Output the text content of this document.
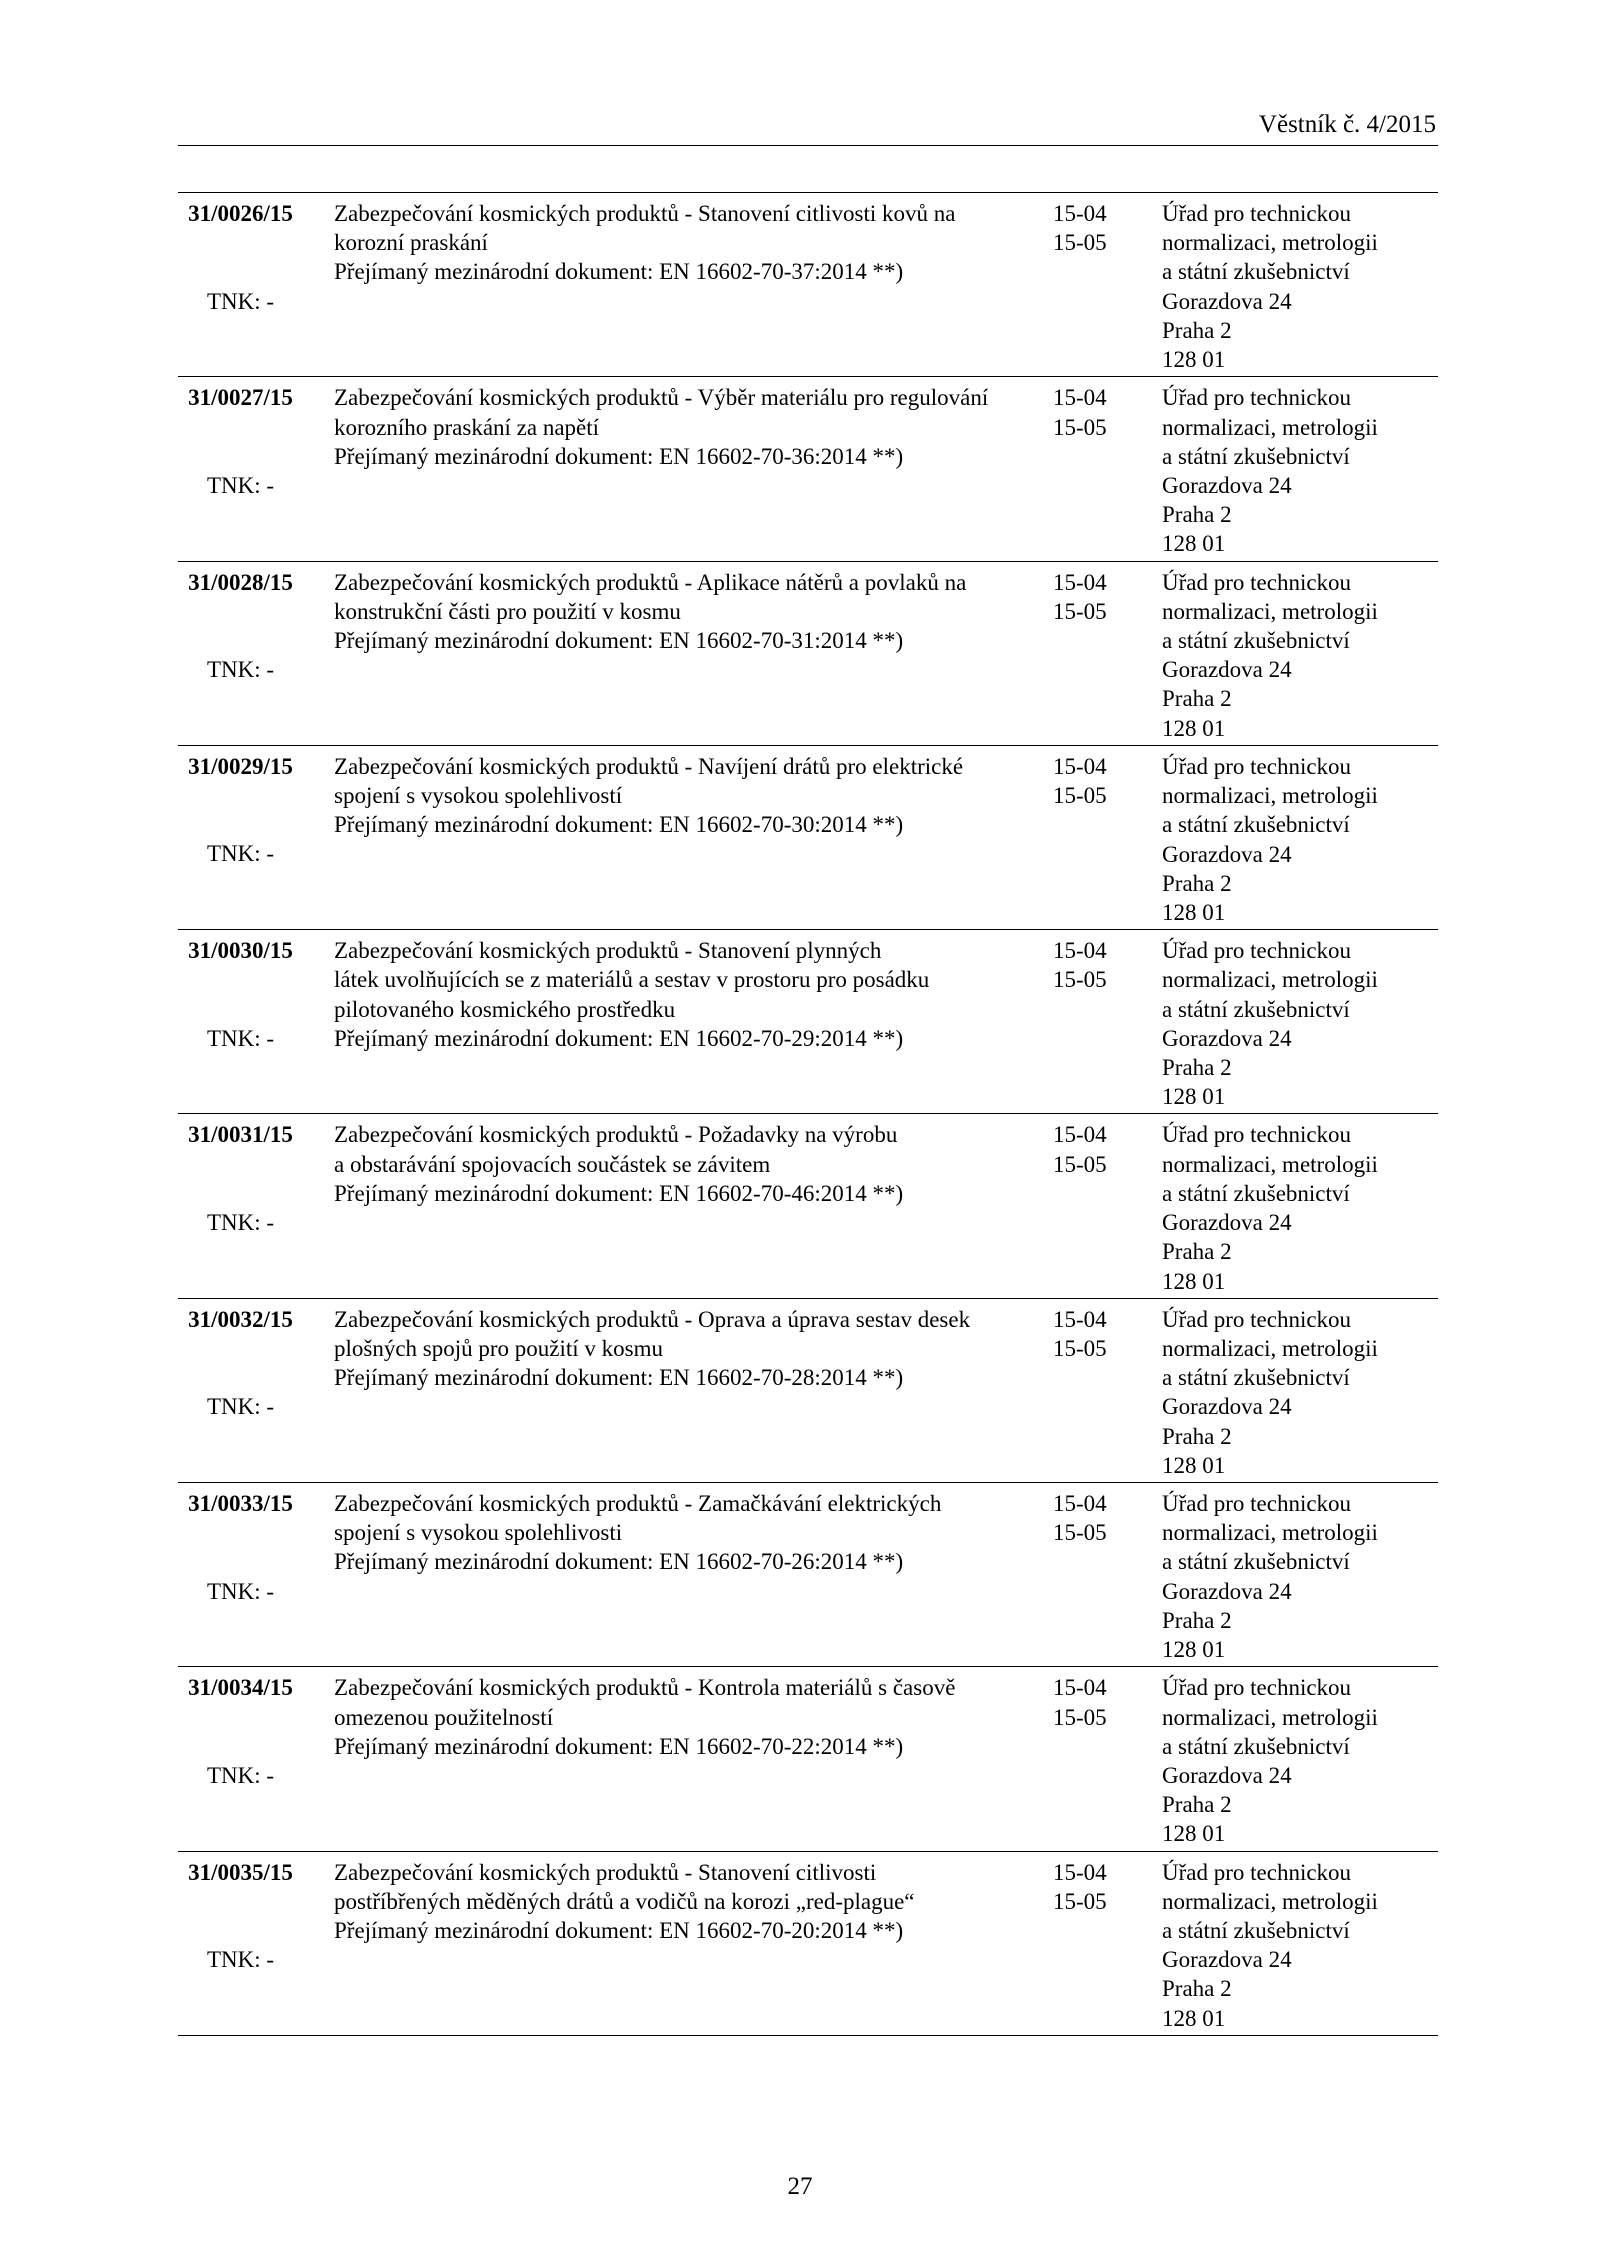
Věstník č. 4/2015
31/0026/15
TNK: -
Zabezpečování kosmických produktů - Stanovení citlivosti kovů na
korozní praskání
Přejímaný mezinárodní dokument: EN 16602-70-37:2014 **)
15-04
15-05
Úřad pro technickou
normalizaci, metrologii
a státní zkušebnictví
Gorazdova 24
Praha 2
128 01
31/0027/15
TNK: -
Zabezpečování kosmických produktů - Výběr materiálu pro regulování
korozního praskání za napětí
Přejímaný mezinárodní dokument: EN 16602-70-36:2014 **)
15-04
15-05
Úřad pro technickou
normalizaci, metrologii
a státní zkušebnictví
Gorazdova 24
Praha 2
128 01
31/0028/15
TNK: -
Zabezpečování kosmických produktů - Aplikace nátěrů a povlaků na
konstrukční části pro použití v kosmu
Přejímaný mezinárodní dokument: EN 16602-70-31:2014 **)
15-04
15-05
Úřad pro technickou
normalizaci, metrologii
a státní zkušebnictví
Gorazdova 24
Praha 2
128 01
31/0029/15
TNK: -
Zabezpečování kosmických produktů - Navíjení drátů pro elektrické
spojení s vysokou spolehlivostí
Přejímaný mezinárodní dokument: EN 16602-70-30:2014 **)
15-04
15-05
Úřad pro technickou
normalizaci, metrologii
a státní zkušebnictví
Gorazdova 24
Praha 2
128 01
31/0030/15
TNK: -
Zabezpečování kosmických produktů - Stanovení plynných
látek uvolňujících se z materiálů a sestav v prostoru pro posádku
pilotovaného kosmického prostředku
Přejímaný mezinárodní dokument: EN 16602-70-29:2014 **)
15-04
15-05
Úřad pro technickou
normalizaci, metrologii
a státní zkušebnictví
Gorazdova 24
Praha 2
128 01
31/0031/15
TNK: -
Zabezpečování kosmických produktů - Požadavky na výrobu
a obstarávání spojovacích součástek se závitem
Přejímaný mezinárodní dokument: EN 16602-70-46:2014 **)
15-04
15-05
Úřad pro technickou
normalizaci, metrologii
a státní zkušebnictví
Gorazdova 24
Praha 2
128 01
31/0032/15
TNK: -
Zabezpečování kosmických produktů - Oprava a úprava sestav desek
plošných spojů pro použití v kosmu
Přejímaný mezinárodní dokument: EN 16602-70-28:2014 **)
15-04
15-05
Úřad pro technickou
normalizaci, metrologii
a státní zkušebnictví
Gorazdova 24
Praha 2
128 01
31/0033/15
TNK: -
Zabezpečování kosmických produktů - Zamačkávání elektrických
spojení s vysokou spolehlivosti
Přejímaný mezinárodní dokument: EN 16602-70-26:2014 **)
15-04
15-05
Úřad pro technickou
normalizaci, metrologii
a státní zkušebnictví
Gorazdova 24
Praha 2
128 01
31/0034/15
TNK: -
Zabezpečování kosmických produktů - Kontrola materiálů s časově
omezenou použitelností
Přejímaný mezinárodní dokument: EN 16602-70-22:2014 **)
15-04
15-05
Úřad pro technickou
normalizaci, metrologii
a státní zkušebnictví
Gorazdova 24
Praha 2
128 01
31/0035/15
TNK: -
Zabezpečování kosmických produktů - Stanovení citlivosti
postříbřených měděných drátů a vodičů na korozi „red-plague“
Přejímaný mezinárodní dokument: EN 16602-70-20:2014 **)
15-04
15-05
Úřad pro technickou
normalizaci, metrologii
a státní zkušebnictví
Gorazdova 24
Praha 2
128 01
27
